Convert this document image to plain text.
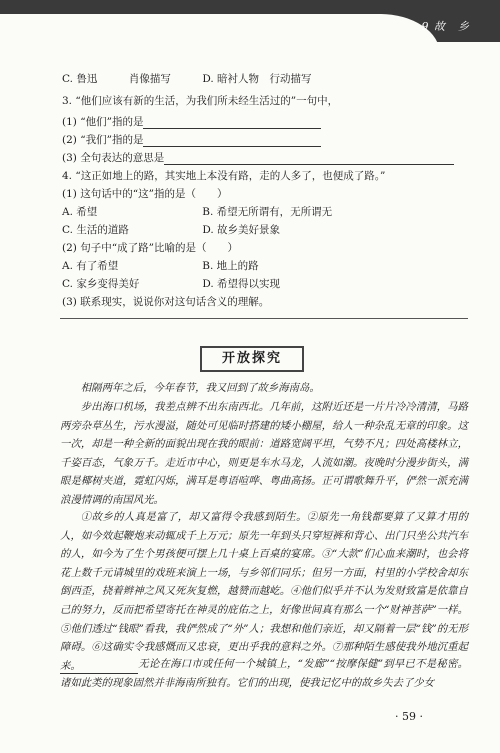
9 故　乡
C. 鲁迅　　　肖像描写　　　D. 暗衬人物　行动描写
3. “他们应该有新的生活，为我们所未经生活过的”一句中，
(1) “他们”指的是
(2) “我们”指的是
(3) 全句表达的意思是
4. “这正如地上的路，其实地上本没有路，走的人多了，也便成了路。”
(1) 这句话中的“这”指的是（　　）
A. 希望　　　　　　　　　　B. 希望无所谓有，无所谓无
C. 生活的道路　　　　　　　D. 故乡美好景象
(2) 句子中“成了路”比喻的是（　　）
A. 有了希望　　　　　　　　B. 地上的路
C. 家乡变得美好　　　　　　D. 希望得以实现
(3) 联系现实，说说你对这句话含义的理解。
开放探究
相隔两年之后，今年春节，我又回到了故乡海南岛。
步出海口机场，我差点辨不出东南西北。几年前，这附近还是一片片冷冷清清，马路两旁杂草丛生，污水漫溢，随处可见临时搭建的矮小棚屋，给人一种杂乱无章的印象。这一次，却是一种全新的面貌出现在我的眼前：道路宽阔平坦，气势不凡；四处高楼林立，千姿百态，气象万千。走近市中心，则更是车水马龙，人流如潮。夜晚时分漫步街头，满眼是椰树夹道，霓虹闪烁，满耳是粤语喧哗、粤曲高扬。正可谓歌舞升平，俨然一派充满浪漫情调的南国风光。
①故乡的人真是富了，却又富得令我感到陌生。②原先一角钱都要算了又算才用的人，如今效起鞭炮来动辄成千上万元；原先一年到头只穿短裤和背心、出门只坐公共汽车的人，如今为了生个男孩便可摆上几十桌上百桌的宴席。③“大款”们心血来潮时，也会将花上数千元请城里的戏班来演上一场，与乡邻们同乐；但另一方面，村里的小学校舍却东倒西歪，挠着辫神之风又死灰复燃，越赞而越屹。④他们似乎并不认为发财致富是依靠自己的努力，反而把希望寄托在神灵的庇佑之上，好像世间真有那么一个“财神菩萨”一样。⑤他们透过“钱眼”看我，我俨然成了“外”人；我想和他们亲近，却又隔着一层“钱”的无形障碍。⑥这确实令我感慨而又忠衰，更出乎我的意料之外。⑦那种陌生感使我外地沉重起来。	无论在海口市或任何一个城镇上，“发廊”“按摩保健”到早已不是秘密。诸如此类的现象固然并非海南所独有。它们的出现，使我记忆中的故乡失去了少女
· 59 ·
